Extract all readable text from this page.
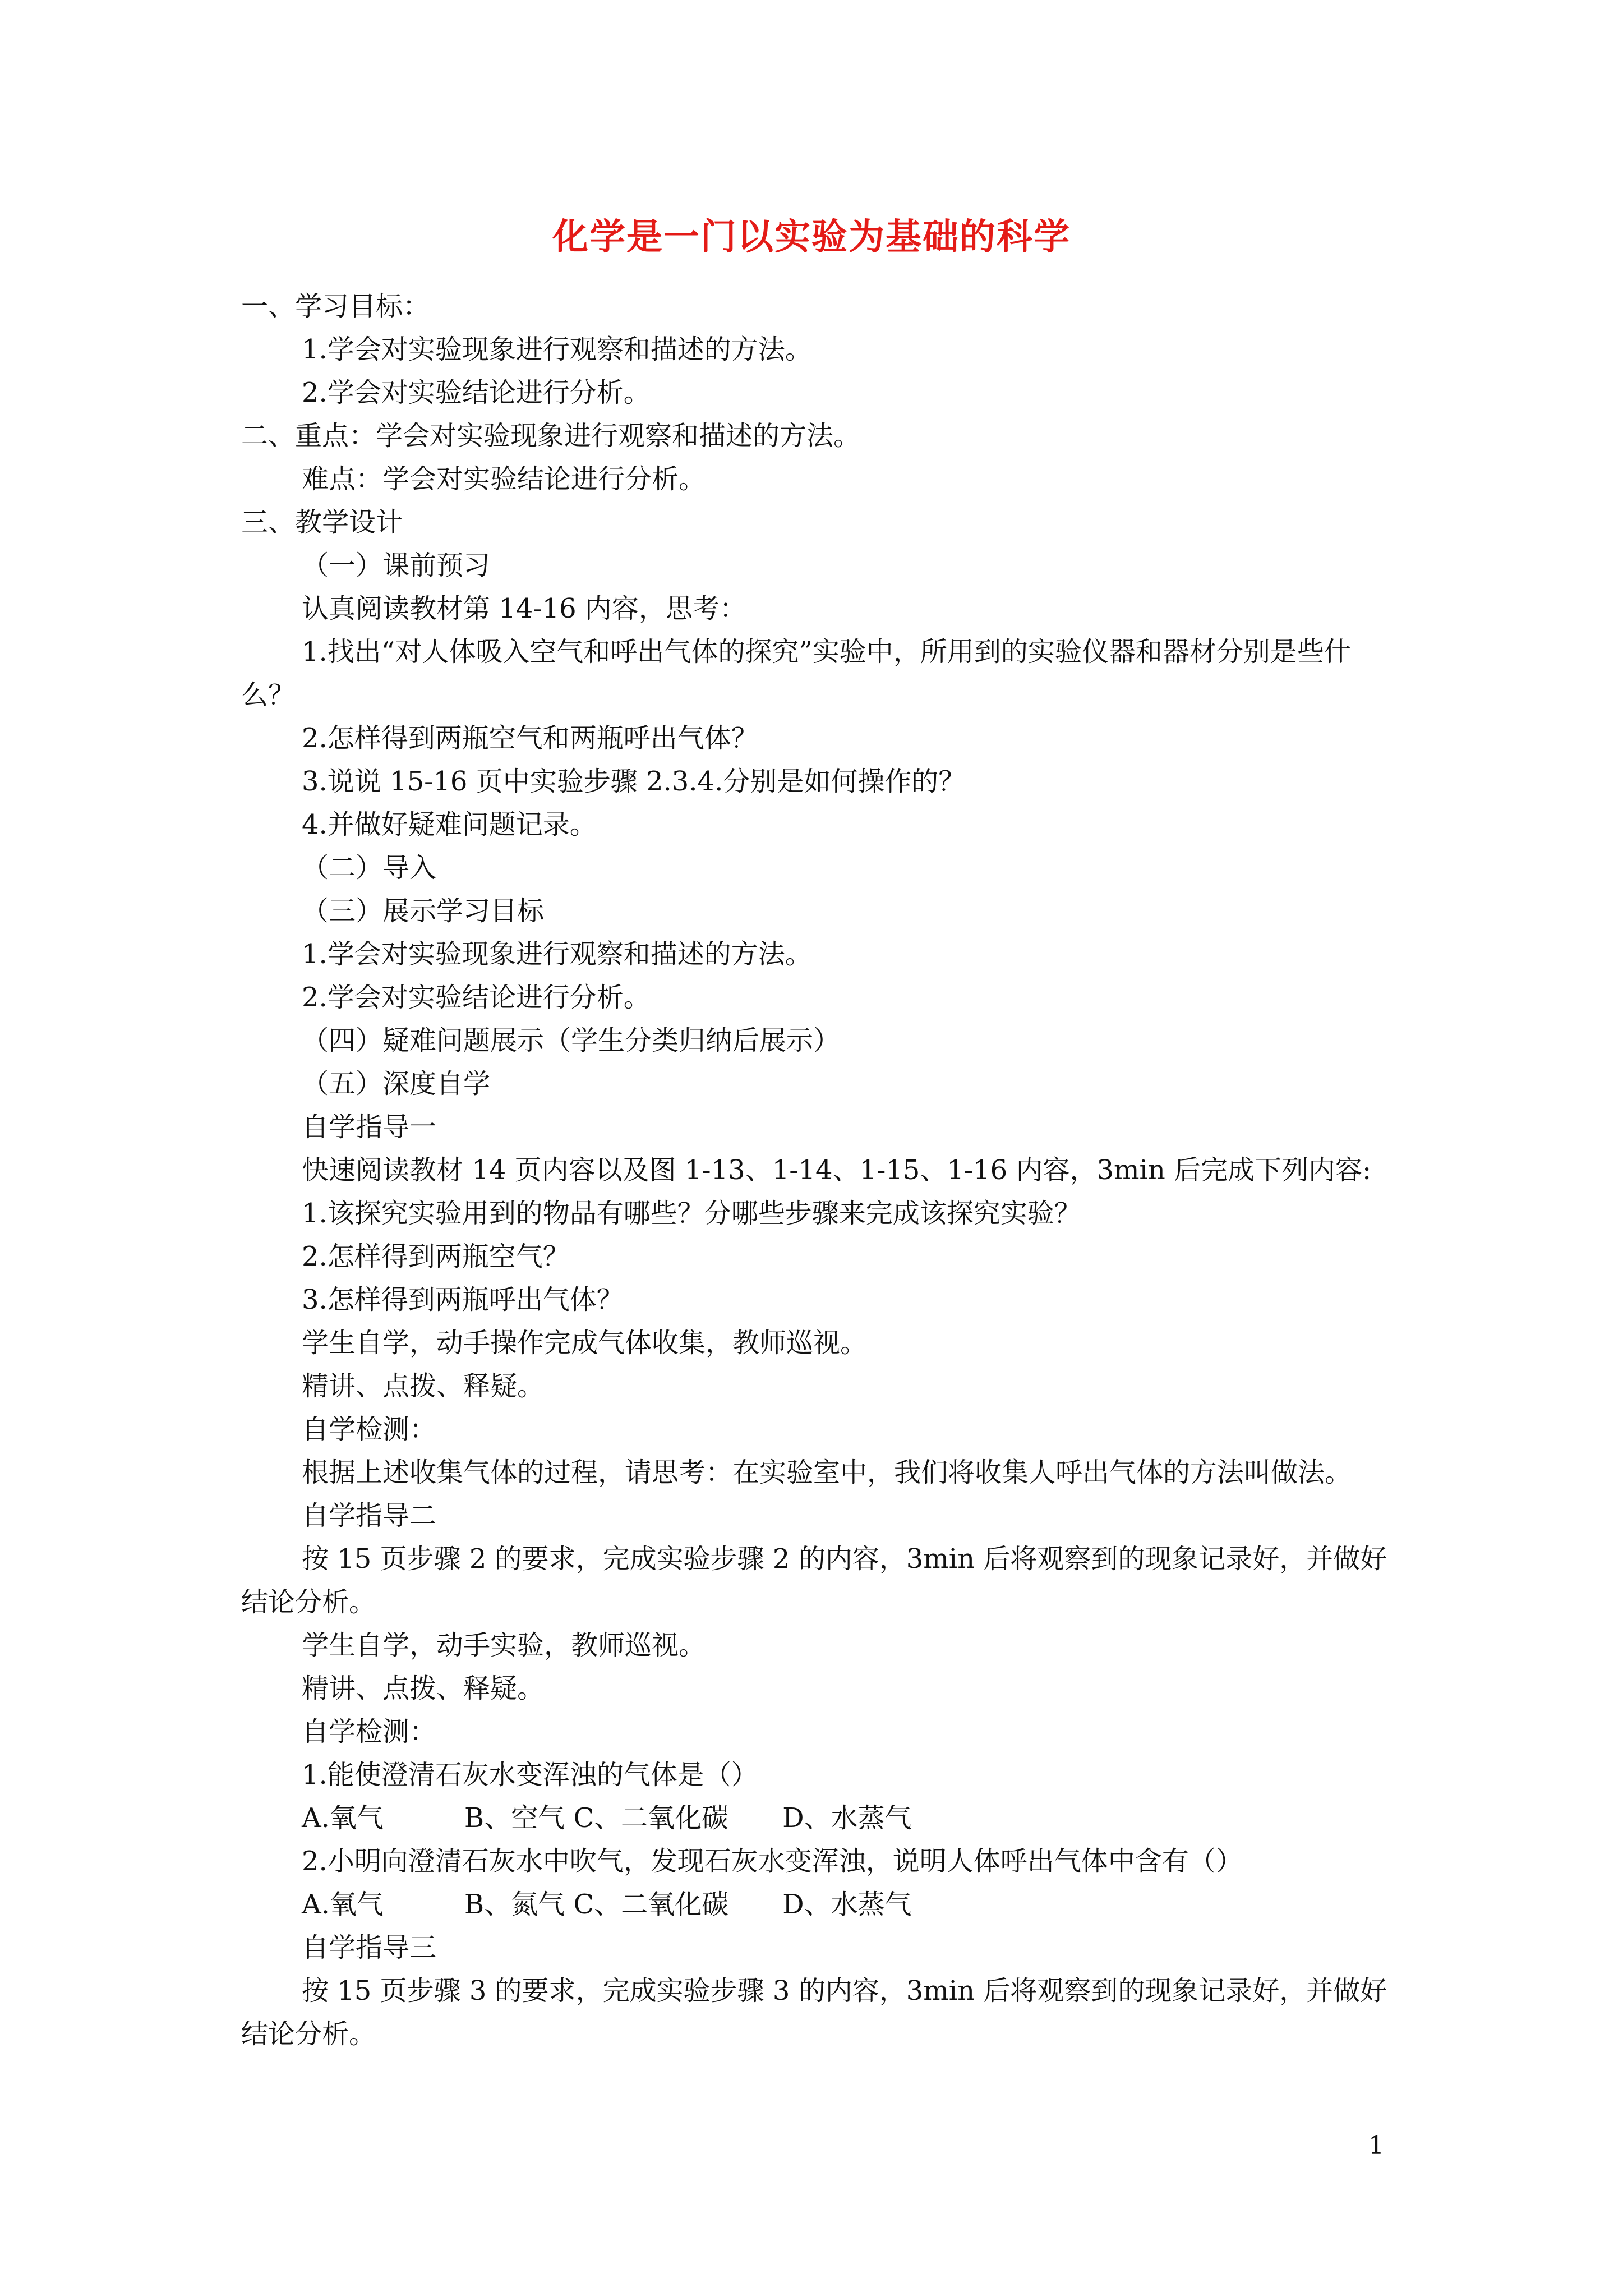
化学是一门以实验为基础的科学
一、学习目标：
1.学会对实验现象进行观察和描述的方法。
2.学会对实验结论进行分析。
二、重点：学会对实验现象进行观察和描述的方法。
难点：学会对实验结论进行分析。
三、教学设计
（一）课前预习
认真阅读教材第 14-16 内容，思考：
1.找出“对人体吸入空气和呼出气体的探究”实验中，所用到的实验仪器和器材分别是些什么？
2.怎样得到两瓶空气和两瓶呼出气体？
3.说说 15-16 页中实验步骤 2.3.4.分别是如何操作的？
4.并做好疑难问题记录。
（二）导入
（三）展示学习目标
1.学会对实验现象进行观察和描述的方法。
2.学会对实验结论进行分析。
（四）疑难问题展示（学生分类归纳后展示）
（五）深度自学
自学指导一
快速阅读教材 14 页内容以及图 1-13、1-14、1-15、1-16 内容，3min 后完成下列内容:
1.该探究实验用到的物品有哪些？分哪些步骤来完成该探究实验？
2.怎样得到两瓶空气？
3.怎样得到两瓶呼出气体？
学生自学，动手操作完成气体收集，教师巡视。
精讲、点拨、释疑。
自学检测：
根据上述收集气体的过程，请思考：在实验室中，我们将收集人呼出气体的方法叫做法。
自学指导二
按 15 页步骤 2 的要求，完成实验步骤 2 的内容，3min 后将观察到的现象记录好，并做好结论分析。
学生自学，动手实验，教师巡视。
精讲、点拨、释疑。
自学检测：
1.能使澄清石灰水变浑浊的气体是（）
A.氧气　　　B、空气 C、二氧化碳　　D、水蒸气
2.小明向澄清石灰水中吹气，发现石灰水变浑浊，说明人体呼出气体中含有（）
A.氧气　　　B、氮气 C、二氧化碳　　D、水蒸气
自学指导三
按 15 页步骤 3 的要求，完成实验步骤 3 的内容，3min 后将观察到的现象记录好，并做好结论分析。
1
